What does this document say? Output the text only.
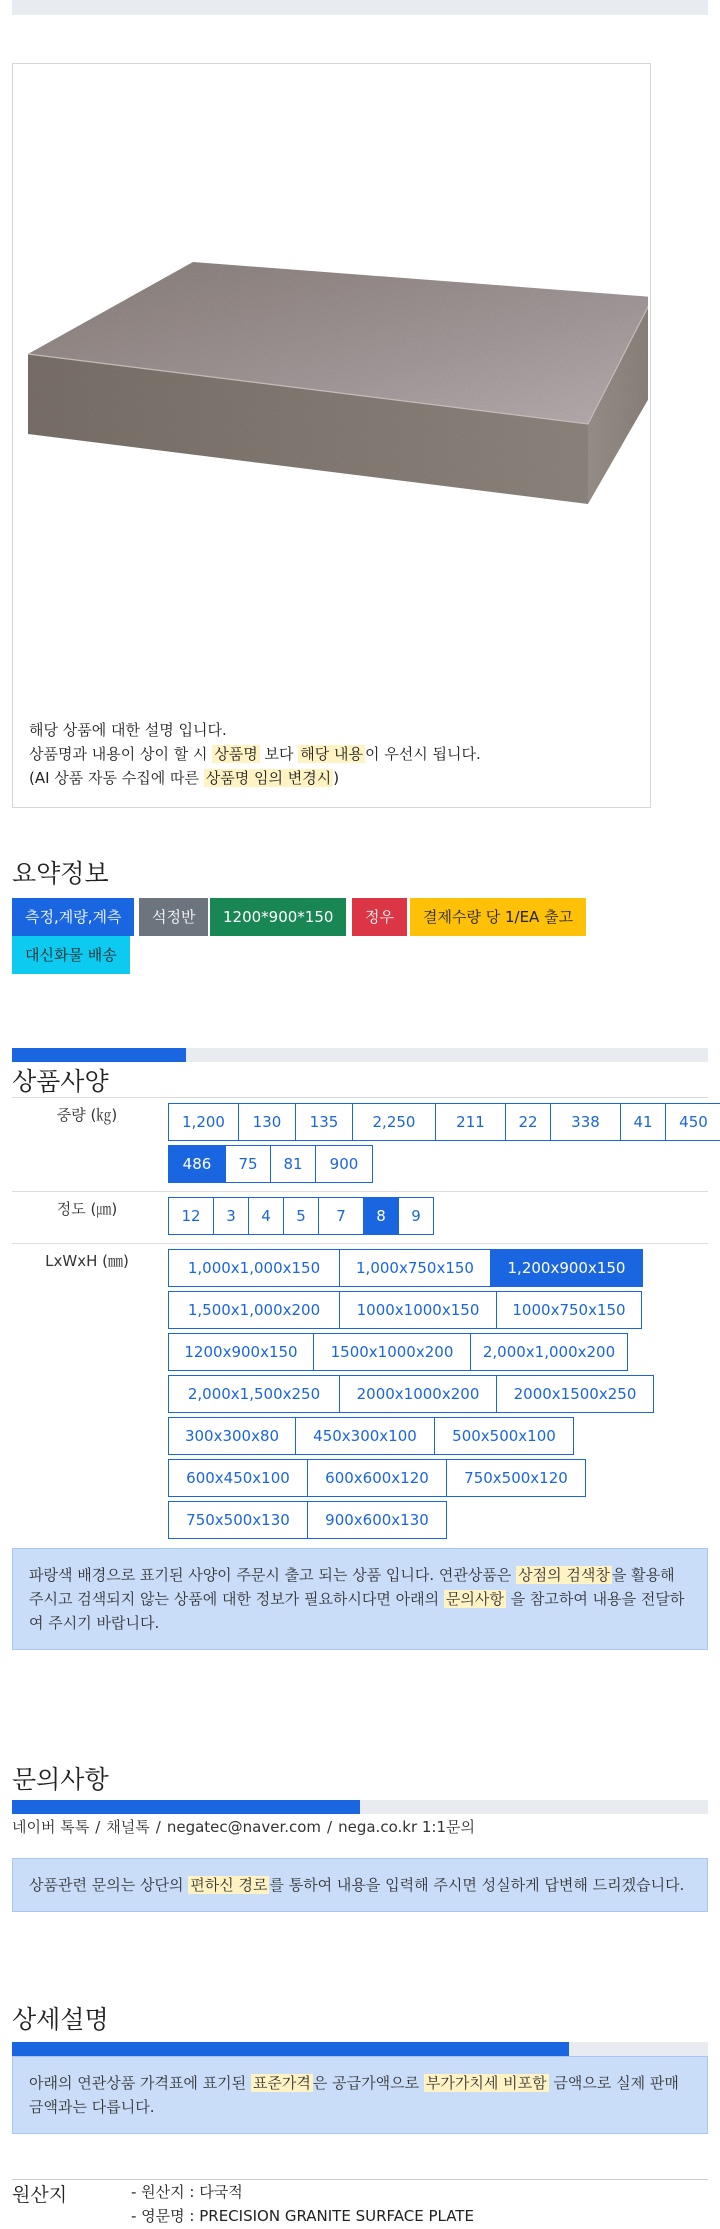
해당 상품에 대한 설명 입니다.
상품명과 내용이 상이 할 시 상품명 보다 해당 내용 이 우선시 됩니다.
(AI 상품 자동 수집에 따른 상품명 임의 변경시 )
요약정보
측정,계량,계측	석정반	1200*900*150	정우	결제수량 당 1/EA 출고
대신화물 배송
상품사양
중량 (㎏)	1,200	130	135	2,250	211	22	338	41	450
486	75	81	900
정도 (㎛)	12	3	4	5	7	8	9
LxWxH (㎜)	1,000x1,000x150	1,000x750x150	1,200x900x150
1,500x1,000x200	1000x1000x150	1000x750x150
1200x900x150	1500x1000x200	2,000x1,000x200
2,000x1,500x250	2000x1000x200	2000x1500x250
300x300x80	450x300x100	500x500x100
600x450x100	600x600x120	750x500x120
750x500x130	900x600x130
파랑색 배경으로 표기된 사양이 주문시 출고 되는 상품 입니다. 연관상품은 상점의 검색창 을 활용해 주시고 검색되지 않는 상품에 대한 정보가 필요하시다면 아래의 문의사항 을 참고하여 내용을 전달하여 주시기 바랍니다.
문의사항
네이버 톡톡 / 채널톡 / negatec@naver.com / nega.co.kr 1:1문의
상품관련 문의는 상단의 편하신 경로 를 통하여 내용을 입력해 주시면 성실하게 답변해 드리겠습니다.
상세설명
아래의 연관상품 가격표에 표기된 표준가격 은 공급가액으로 부가가치세 비포함 금액으로 실제 판매금액과는 다릅니다.
원산지	- 원산지 : 다국적
- 영문명 : PRECISION GRANITE SURFACE PLATE
